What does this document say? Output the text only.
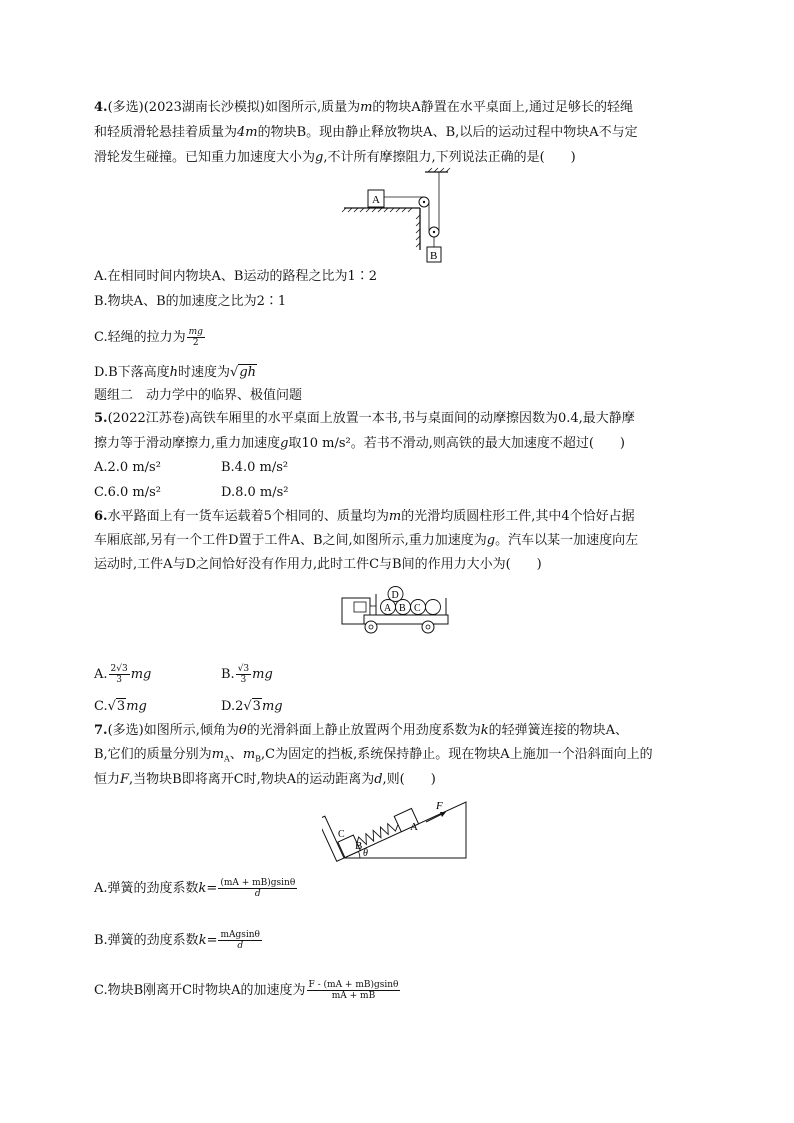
4.(多选)(2023湖南长沙模拟)如图所示,质量为m的物块A静置在水平桌面上,通过足够长的轻绳
和轻质滑轮悬挂着质量为4m的物块B。现由静止释放物块A、B,以后的运动过程中物块A不与定
滑轮发生碰撞。已知重力加速度大小为g,不计所有摩擦阻力,下列说法正确的是(　　)
A
B
A.在相同时间内物块A、B运动的路程之比为1∶2
B.物块A、B的加速度之比为2∶1
C.轻绳的拉力为 $\frac{mg}{2}$
D.B下落高度h时速度为√gh
题组二　动力学中的临界、极值问题
5.(2022江苏卷)高铁车厢里的水平桌面上放置一本书,书与桌面间的动摩擦因数为0.4,最大静摩
擦力等于滑动摩擦力,重力加速度g取10 m/s²。若书不滑动,则高铁的最大加速度不超过(　　)
A.2.0 m/s²	B.4.0 m/s²
C.6.0 m/s²	D.8.0 m/s²
6.水平路面上有一货车运载着5个相同的、质量均为m的光滑均质圆柱形工件,其中4个恰好占据
车厢底部,另有一个工件D置于工件A、B之间,如图所示,重力加速度为g。汽车以某一加速度向左
运动时,工件A与D之间恰好没有作用力,此时工件C与B间的作用力大小为(　　)
A B C
D
A. $\frac{2√3}{3}$ mg	B. $\frac{√3}{3}$ mg
C.√3mg	D.2√3mg
7.(多选)如图所示,倾角为θ的光滑斜面上静止放置两个用劲度系数为k的轻弹簧连接的物块A、
B,它们的质量分别为$m_A$、$m_B,C$为固定的挡板,系统保持静止。现在物块A上施加一个沿斜面向上的
恒力F,当物块B即将离开C时,物块A的运动距离为d,则(　　)
F
A
B
C
θ
A.弹簧的劲度系数$k= \frac{(mA + mB)gsin\theta}{d}$
B.弹簧的劲度系数$k= \frac{\text{mAgsinθ}}{d}$
C.物块B刚离开C时物块A的加速度为 $\frac{F - (mA + mB)gsin\theta}{mA + mB}$
